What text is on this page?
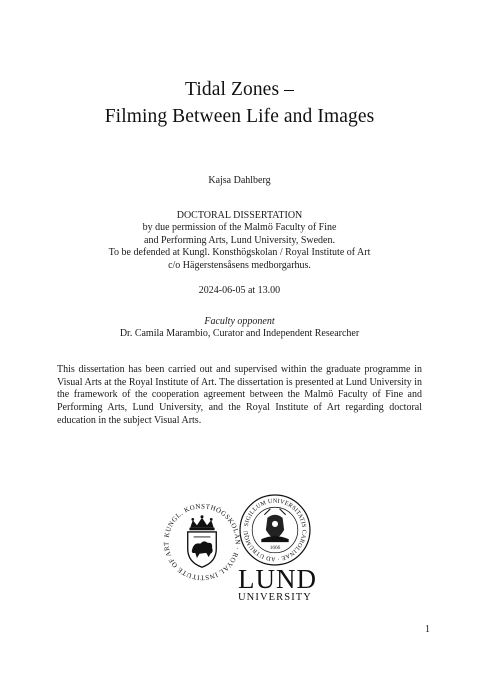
Tidal Zones –
Filming Between Life and Images
Kajsa Dahlberg
DOCTORAL DISSERTATION
by due permission of the Malmö Faculty of Fine
and Performing Arts, Lund University, Sweden.
To be defended at Kungl. Konsthögskolan / Royal Institute of Art
c/o Hägerstensåsens medborgarhus.
2024-06-05 at 13.00
Faculty opponent
Dr. Camila Marambio, Curator and Independent Researcher

This dissertation has been carried out and supervised within the graduate programme in Visual Arts at the Royal Institute of Art. The dissertation is presented at Lund University in the framework of the cooperation agreement between the Malmö Faculty of Fine and Performing Arts, Lund University, and the Royal Institute of Art regarding doctoral education in the subject Visual Arts.

KUNGL. KONSTHÖGSKOLAN · ROYAL INSTITUTE OF ART
SIGILLUM UNIVERSITATIS CAROLINAE · AD UTRUMQU
1666
LUND
UNIVERSITY
1
